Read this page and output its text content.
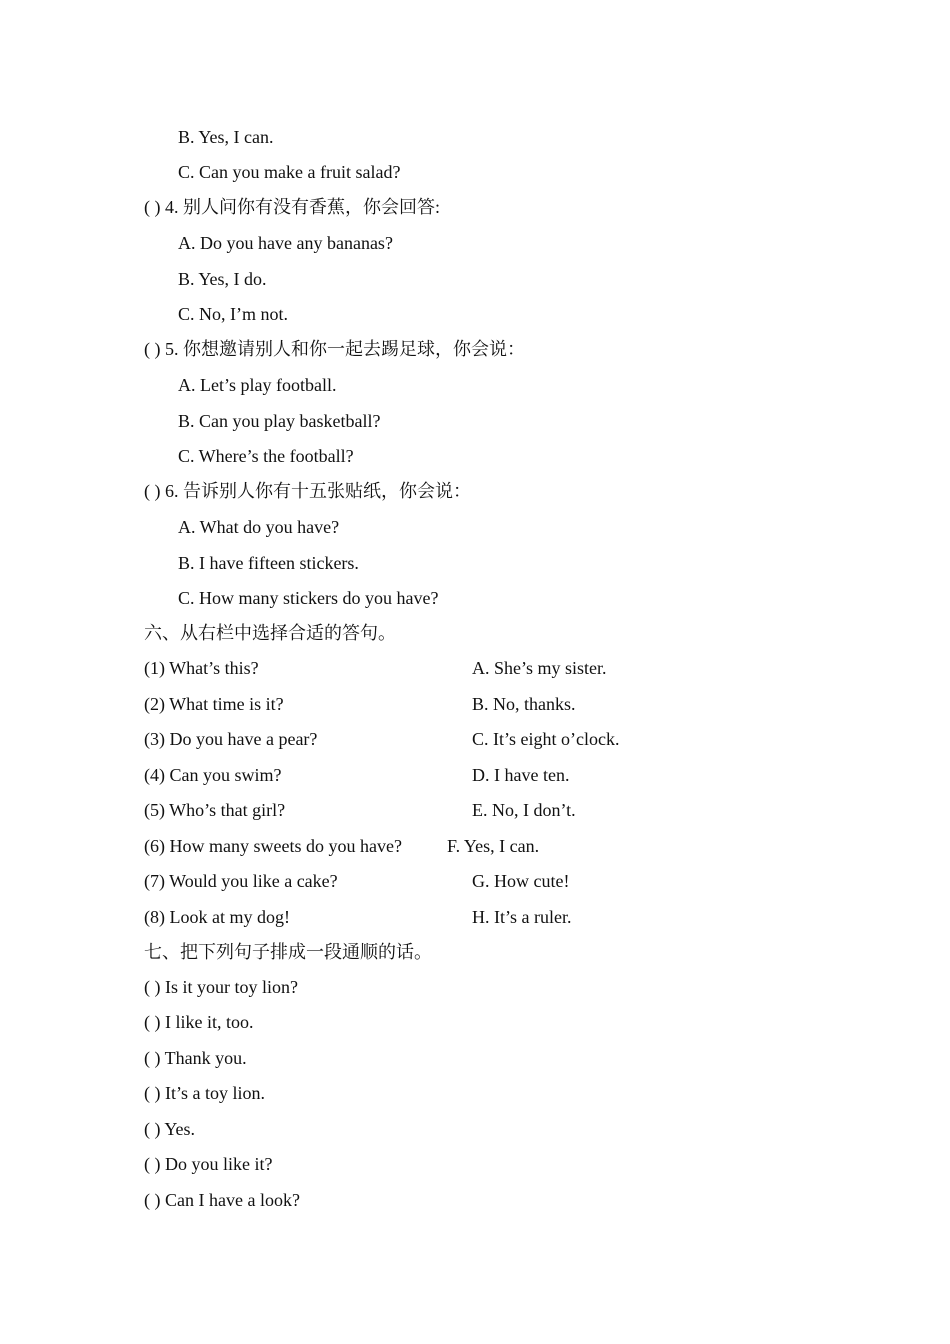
B. Yes, I can.
C. Can you make a fruit salad?
( ) 4. 别人问你有没有香蕉，你会回答:
A. Do you have any bananas?
B. Yes, I do.
C. No, I’m not.
( ) 5. 你想邀请别人和你一起去踢足球，你会说：
A. Let’s play football.
B. Can you play basketball?
C. Where’s the football?
( ) 6. 告诉别人你有十五张贴纸，你会说：
A. What do you have?
B. I have fifteen stickers.
C. How many stickers do you have?
六、从右栏中选择合适的答句。
(1) What’s this?	A. She’s my sister.
(2) What time is it?	B. No, thanks.
(3) Do you have a pear?	C. It’s eight o’clock.
(4) Can you swim?	D. I have ten.
(5) Who’s that girl?	E. No, I don’t.
(6) How many sweets do you have?	F. Yes, I can.
(7) Would you like a cake?	G. How cute!
(8) Look at my dog!	H. It’s a ruler.
七、把下列句子排成一段通顺的话。
( ) Is it your toy lion?
( ) I like it, too.
( ) Thank you.
( ) It’s a toy lion.
( ) Yes.
( ) Do you like it?
( ) Can I have a look?
